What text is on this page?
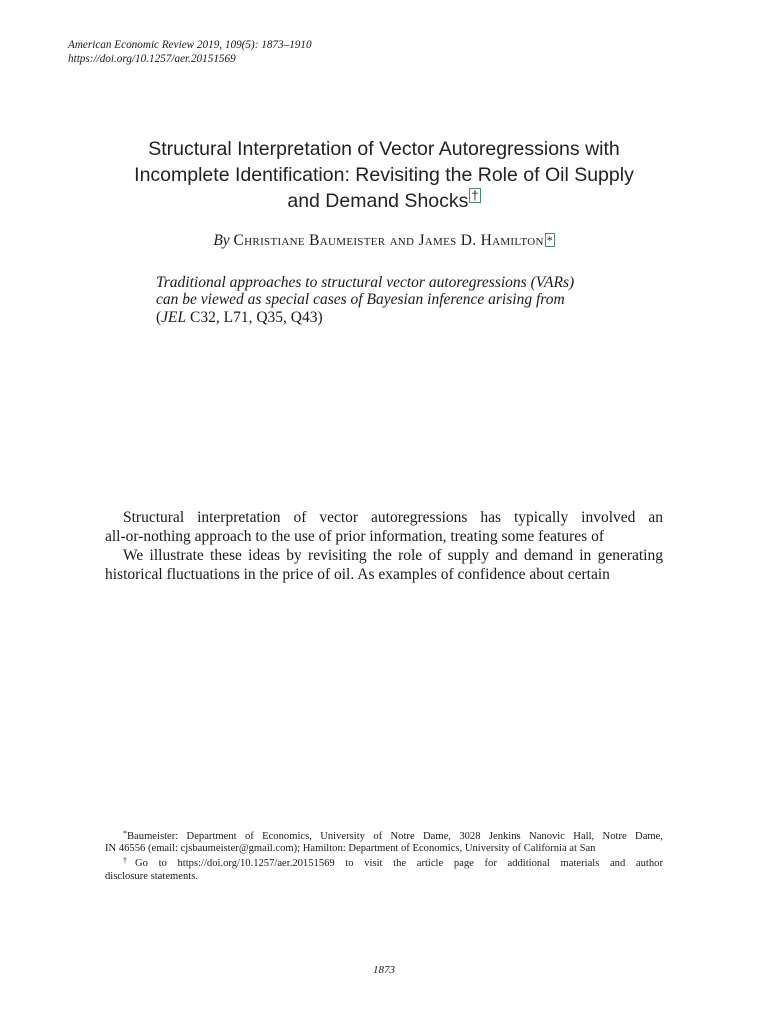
American Economic Review 2019, 109(5): 1873–1910
https://doi.org/10.1257/aer.20151569
Structural Interpretation of Vector Autoregressions with
Incomplete Identification: Revisiting the Role of Oil Supply
and Demand Shocks †
By Christiane Baumeister and James D. Hamilton *
Traditional approaches to structural vector autoregressions (VARs)
can be viewed as special cases of Bayesian inference arising from
(JEL C32, L71, Q35, Q43)
Structural interpretation of vector autoregressions has typically involved an
all-or-nothing approach to the use of prior information, treating some features of
We illustrate these ideas by revisiting the role of supply and demand in generating
historical fluctuations in the price of oil. As examples of confidence about certain
*Baumeister: Department of Economics, University of Notre Dame, 3028 Jenkins Nanovic Hall, Notre Dame,
IN 46556 (email: cjsbaumeister@gmail.com); Hamilton: Department of Economics, University of California at San
†Go to https://doi.org/10.1257/aer.20151569 to visit the article page for additional materials and author
disclosure statements.
1873
